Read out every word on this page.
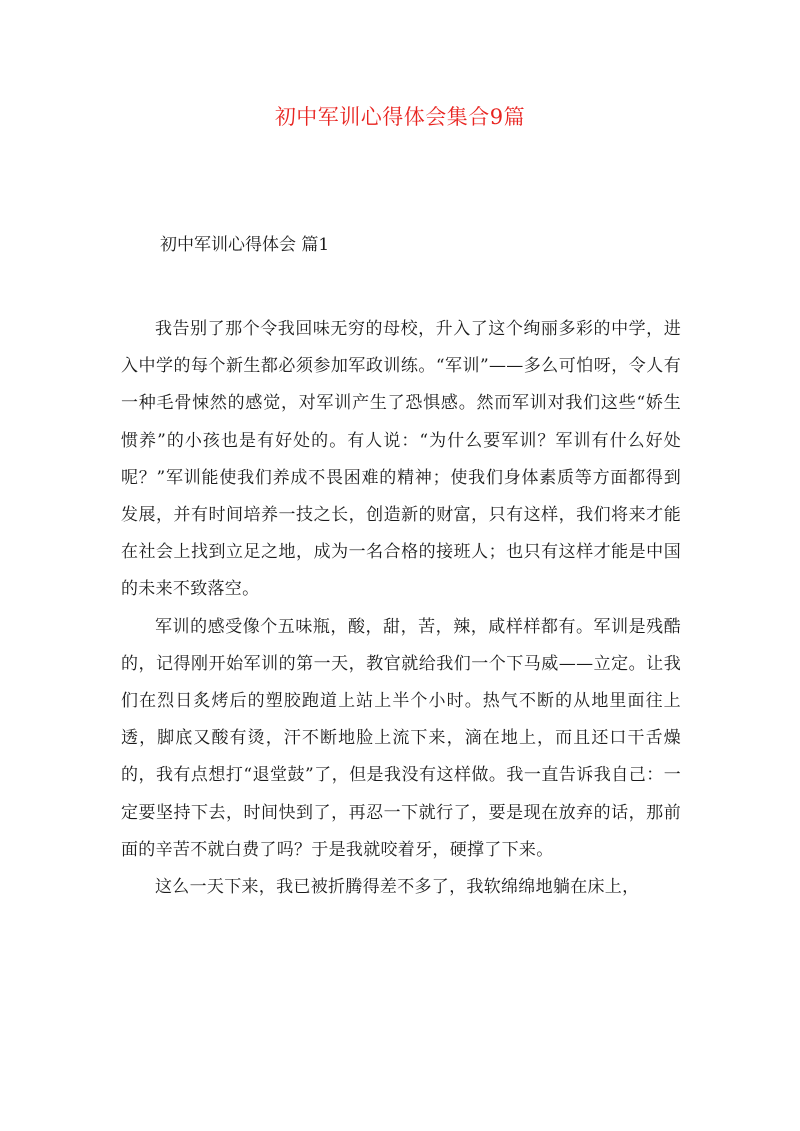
初中军训心得体会集合9篇
初中军训心得体会 篇1

我告别了那个令我回味无穷的母校，升入了这个绚丽多彩的中学，进入中学的每个新生都必须参加军政训练。“军训”——多么可怕呀，令人有一种毛骨悚然的感觉，对军训产生了恐惧感。然而军训对我们这些“娇生惯养”的小孩也是有好处的。有人说：“为什么要军训？军训有什么好处呢？”军训能使我们养成不畏困难的精神；使我们身体素质等方面都得到发展，并有时间培养一技之长，创造新的财富，只有这样，我们将来才能在社会上找到立足之地，成为一名合格的接班人；也只有这样才能是中国的未来不致落空。

军训的感受像个五味瓶，酸，甜，苦，辣，咸样样都有。军训是残酷的，记得刚开始军训的第一天，教官就给我们一个下马威——立定。让我们在烈日炙烤后的塑胶跑道上站上半个小时。热气不断的从地里面往上透，脚底又酸有烫，汗不断地脸上流下来，滴在地上，而且还口干舌燥的，我有点想打“退堂鼓”了，但是我没有这样做。我一直告诉我自己：一定要坚持下去，时间快到了，再忍一下就行了，要是现在放弃的话，那前面的辛苦不就白费了吗？于是我就咬着牙，硬撑了下来。

这么一天下来，我已被折腾得差不多了，我软绵绵地躺在床上，
